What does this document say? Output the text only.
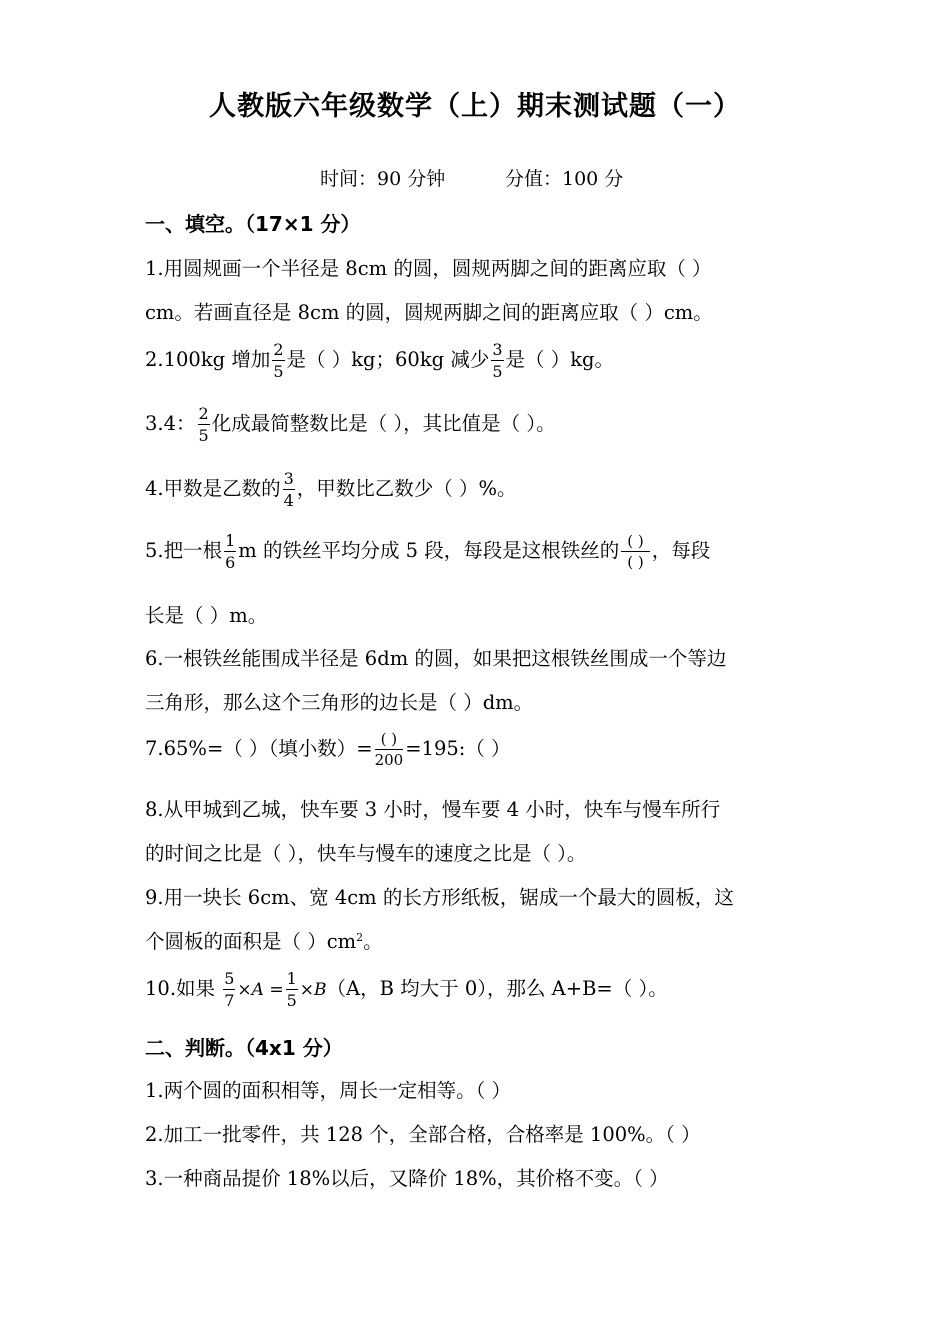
人教版六年级数学（上）期末测试题（一）
时间：90 分钟	分值：100 分
一、填空。（17×1 分）
1.用圆规画一个半径是 8cm 的圆，圆规两脚之间的距离应取（ ）
cm。若画直径是 8cm 的圆，圆规两脚之间的距离应取（ ）cm。
2.100kg 增加 $\frac{2}{5}$ 是（ ）kg；60kg 减少 $\frac{3}{5}$ 是（ ）kg。
3.4： $\frac{2}{5}$ 化成最简整数比是（ ），其比值是（ ）。
4.甲数是乙数的 $\frac{3}{4}$ ，甲数比乙数少（ ）%。
5.把一根 $\frac{1}{6}$ m 的铁丝平均分成 5 段，每段是这根铁丝的 $\frac{( )}{( )}$ ，每段
长是（ ）m。
6.一根铁丝能围成半径是 6dm 的圆，如果把这根铁丝围成一个等边
三角形，那么这个三角形的边长是（ ）dm。
7.65%=（ ）（填小数）= $\frac{( )}{200}$ =195:（ ）
8.从甲城到乙城，快车要 3 小时，慢车要 4 小时，快车与慢车所行
的时间之比是（ ），快车与慢车的速度之比是（ ）。
9.用一块长 6cm、宽 4cm 的长方形纸板，锯成一个最大的圆板，这
个圆板的面积是（ ）$cm^2$。
10.如果 $\frac{5}{7} \times A = \frac{1}{5} \times B(A$，B 均大于 0），那么 A+B=（ ）。
二、判断。（4x1 分）
1.两个圆的面积相等，周长一定相等。（ ）
2.加工一批零件，共 128 个，全部合格，合格率是 100%。（ ）
3.一种商品提价 18%以后，又降价 18%，其价格不变。（ ）
